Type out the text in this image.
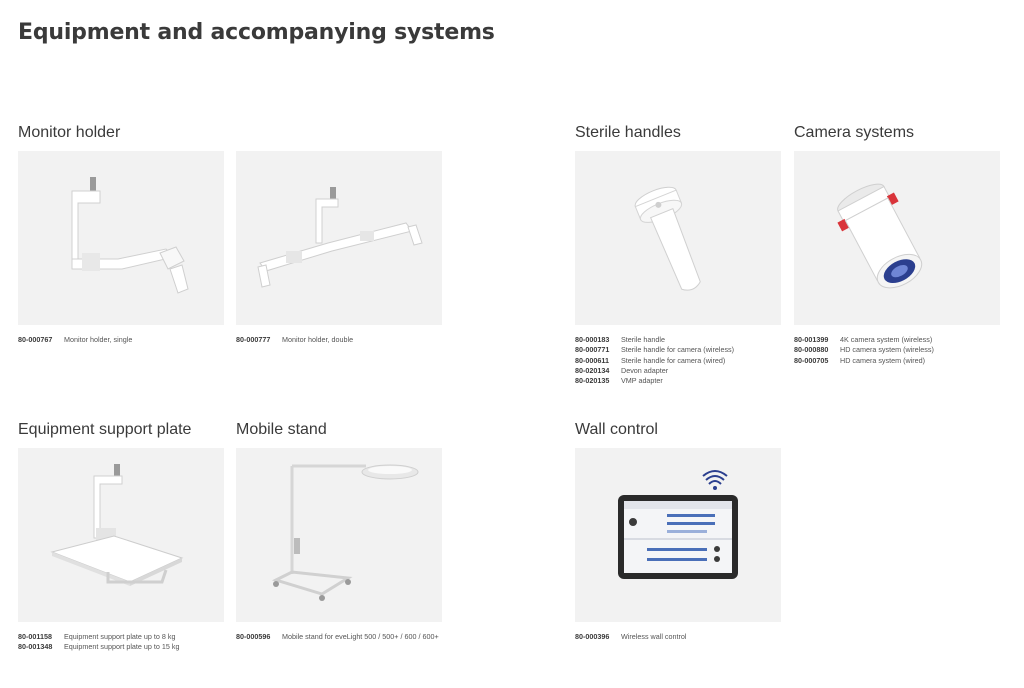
Equipment and accompanying systems
Monitor holder
80-000767	Monitor holder, single	80-000777	Monitor holder, double
Sterile handles
80-000183	Sterile handle
80-000771	Sterile handle for camera (wireless)
80-000611	Sterile handle for camera (wired)
80-020134	Devon adapter
80-020135	VMP adapter
Camera systems
80-001399	4K camera system (wireless)
80-000880	HD camera system (wireless)
80-000705	HD camera system (wired)
Equipment support plate
80-001158	Equipment support plate up to 8 kg
80-001348	Equipment support plate up to 15 kg
Mobile stand
80-000596	Mobile stand for eveLight 500 / 500+ / 600 / 600+
Wall control
80-000396	Wireless wall control
